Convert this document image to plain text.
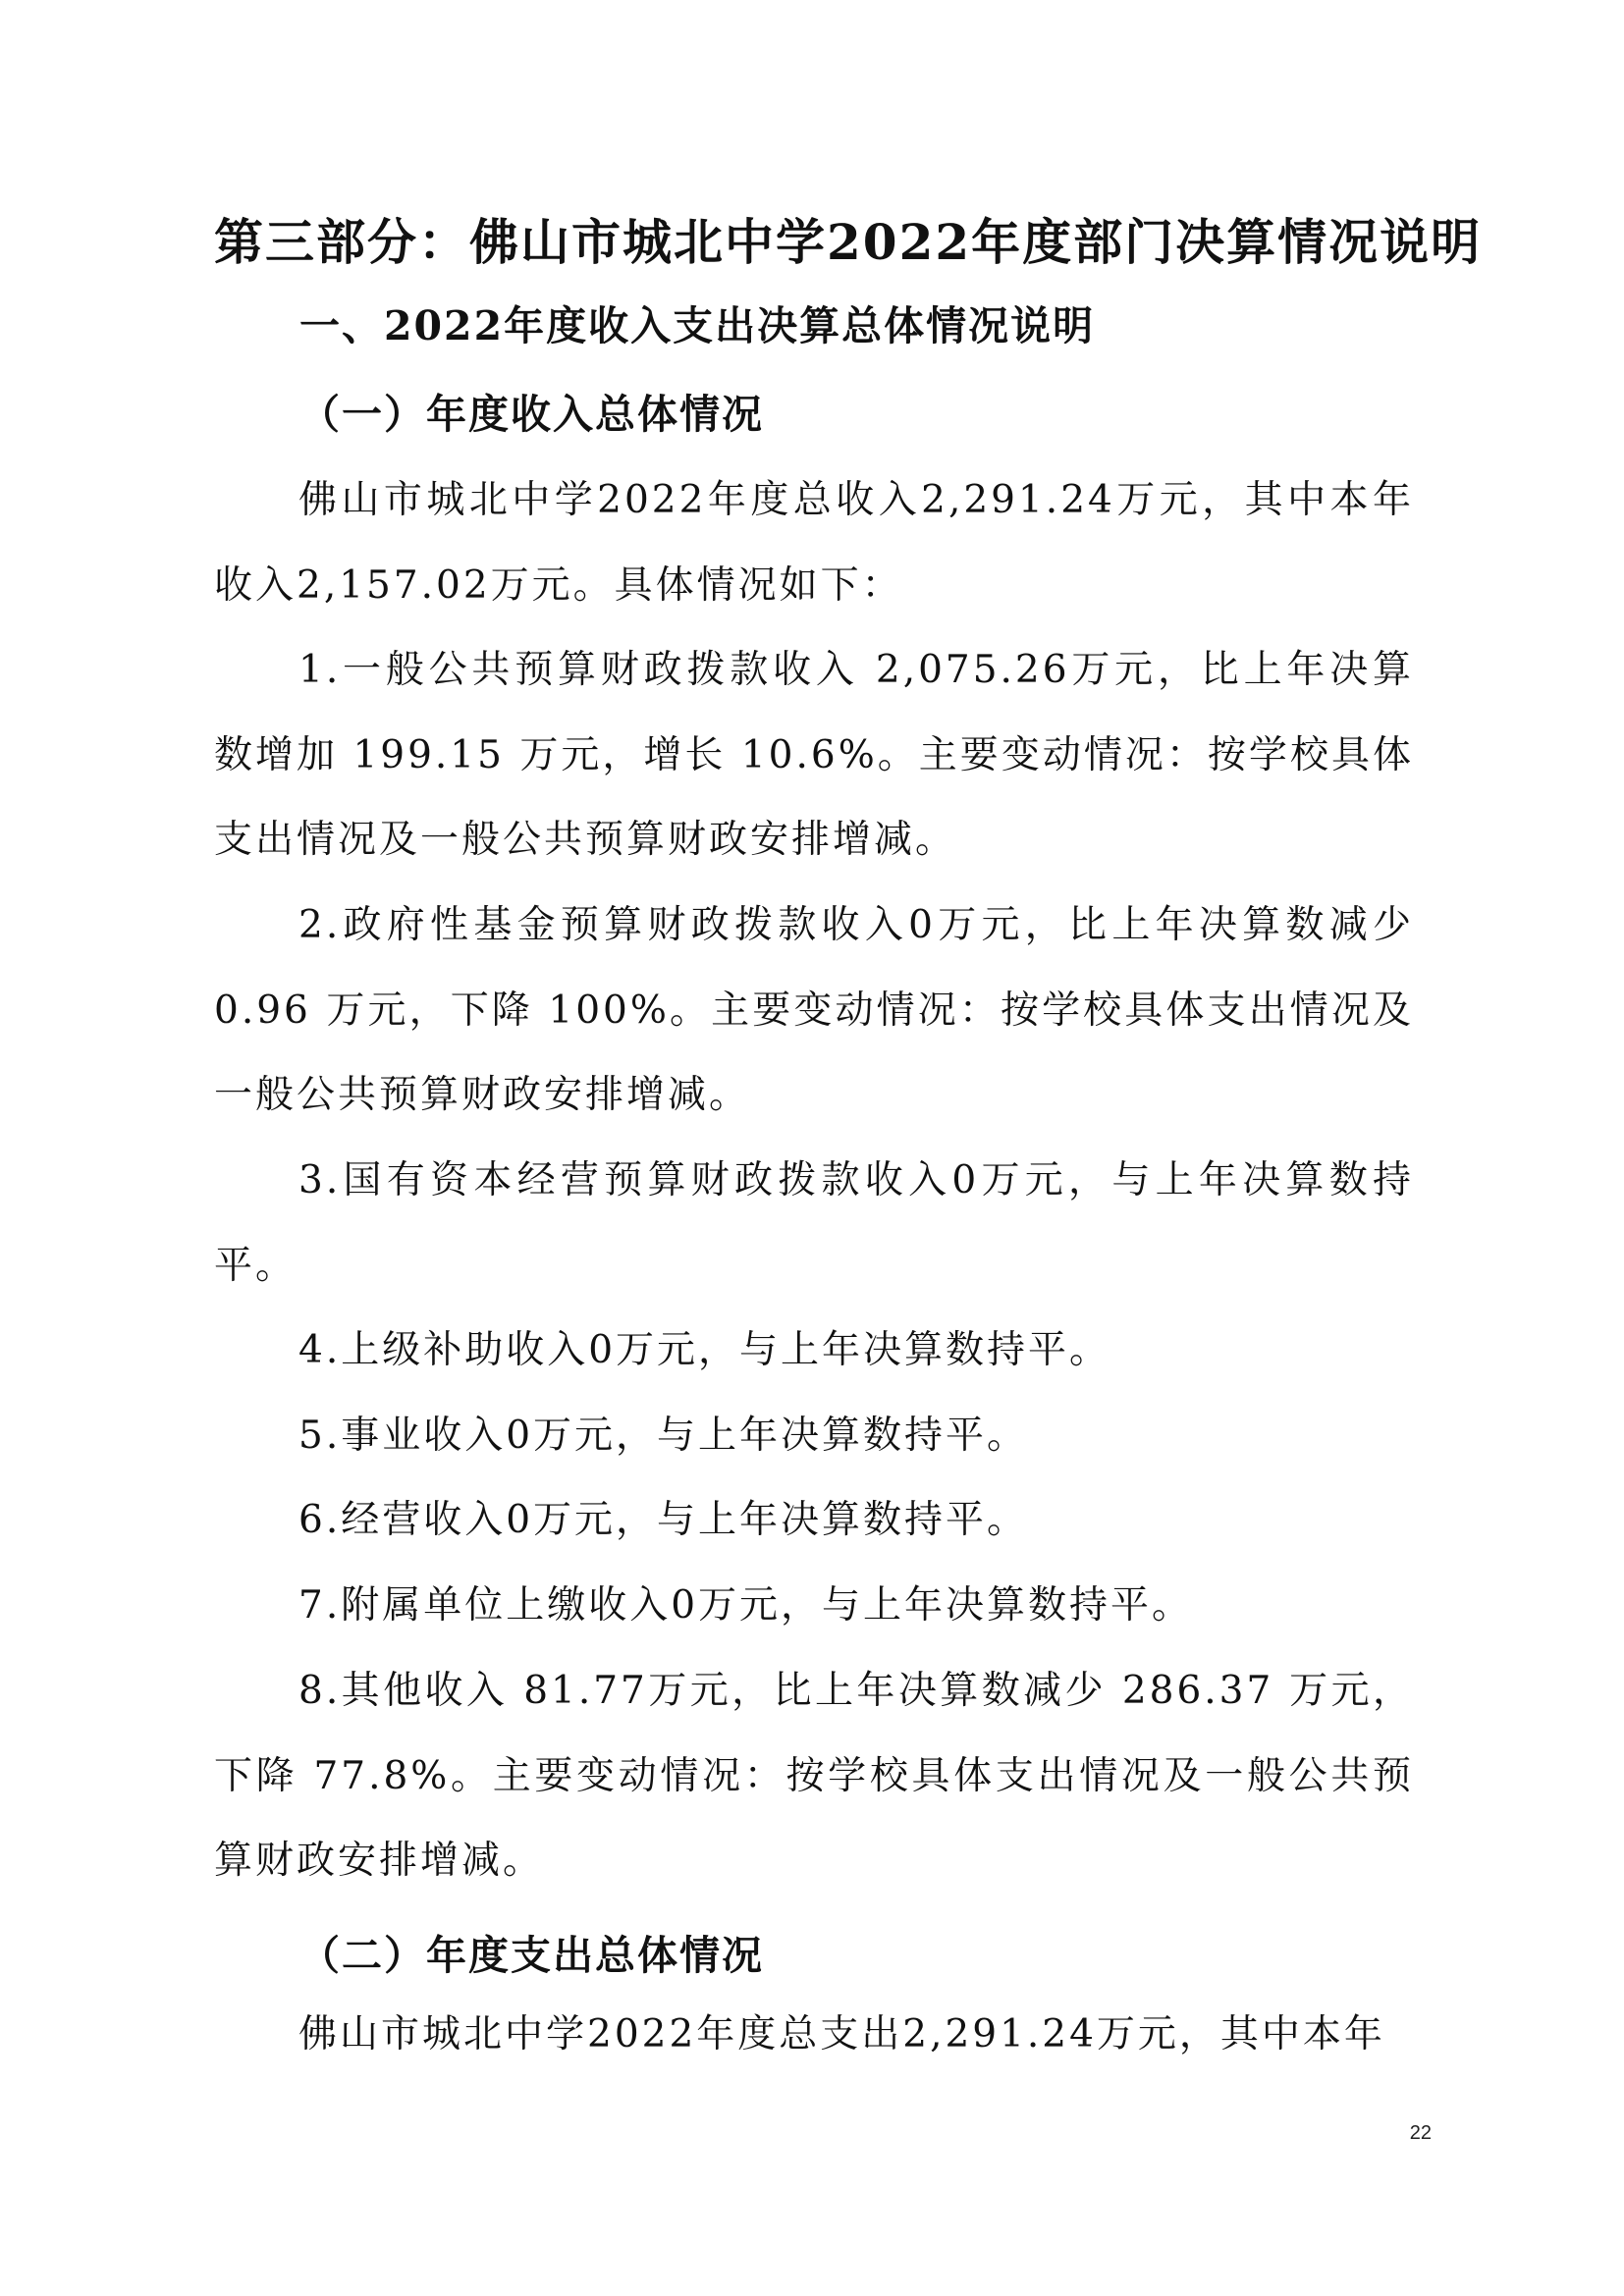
第三部分：佛山市城北中学2022年度部门决算情况说明
一、2022年度收入支出决算总体情况说明
（一）年度收入总体情况

佛山市城北中学2022年度总收入2,291.24万元，其中本年收入2,157.02万元。具体情况如下：

1.一般公共预算财政拨款收入 2,075.26万元，比上年决算数增加 199.15 万元，增长 10.6%。主要变动情况：按学校具体支出情况及一般公共预算财政安排增减。

2.政府性基金预算财政拨款收入0万元，比上年决算数减少0.96 万元，下降 100%。主要变动情况：按学校具体支出情况及一般公共预算财政安排增减。

3.国有资本经营预算财政拨款收入0万元，与上年决算数持平。

4.上级补助收入0万元，与上年决算数持平。

5.事业收入0万元，与上年决算数持平。

6.经营收入0万元，与上年决算数持平。

7.附属单位上缴收入0万元，与上年决算数持平。

8.其他收入 81.77万元，比上年决算数减少 286.37 万元，下降 77.8%。主要变动情况：按学校具体支出情况及一般公共预算财政安排增减。

（二）年度支出总体情况

佛山市城北中学2022年度总支出2,291.24万元，其中本年

22
